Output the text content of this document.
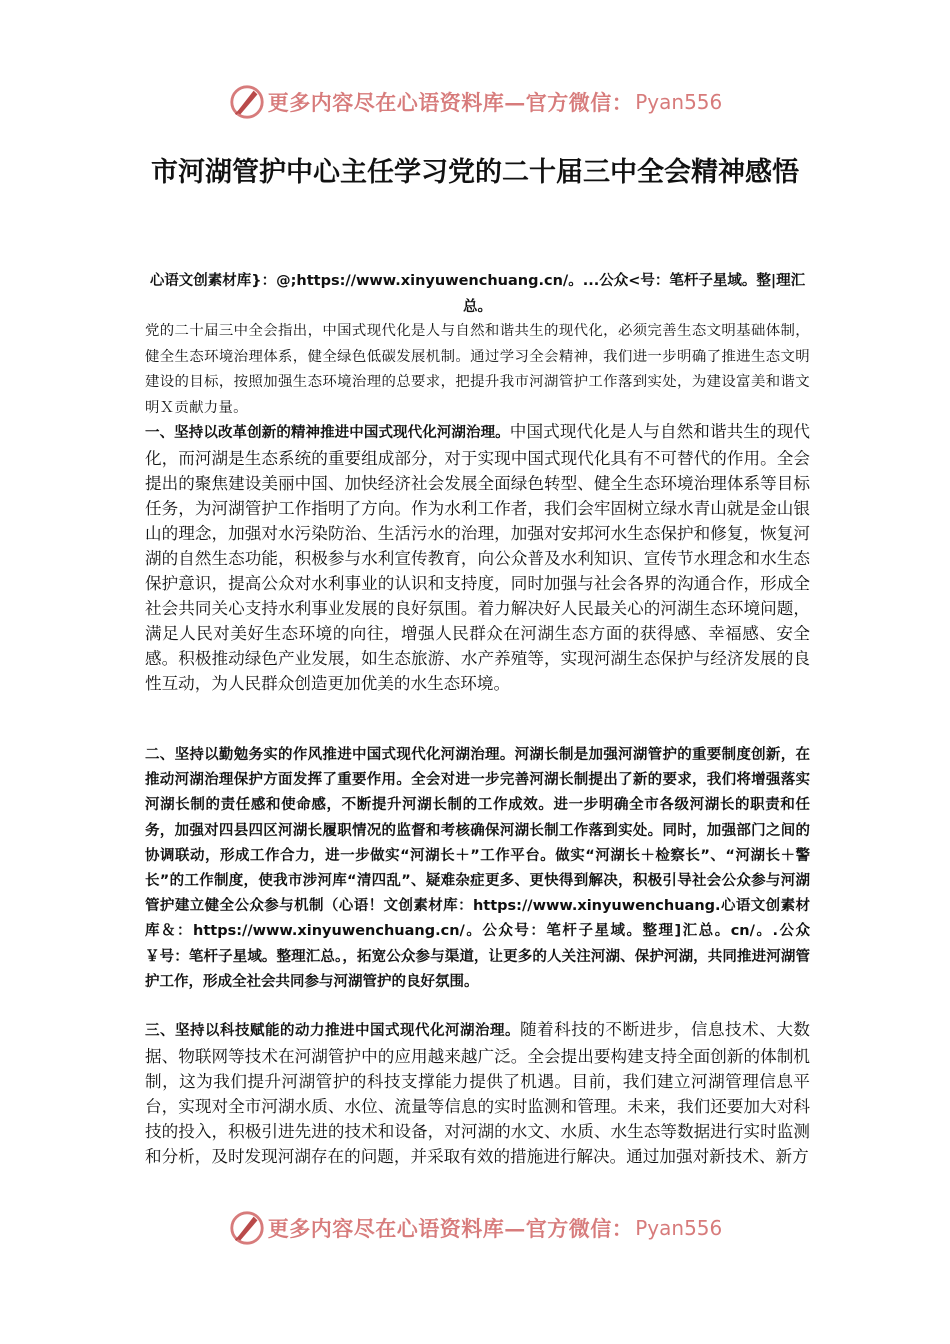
更多内容尽在心语资料库—官方微信： Pyan556
市河湖管护中心主任学习党的二十届三中全会精神感悟

心语文创素材库}：@;https://www.xinyuwenchuang.cn/。...公众<号：笔杆子星域。整|理汇总。

党的二十届三中全会指出，中国式现代化是人与自然和谐共生的现代化，必须完善生态文明基础体制，健全生态环境治理体系，健全绿色低碳发展机制。通过学习全会精神，我们进一步明确了推进生态文明建设的目标，按照加强生态环境治理的总要求，把提升我市河湖管护工作落到实处，为建设富美和谐文明Ｘ贡献力量。

一、坚持以改革创新的精神推进中国式现代化河湖治理。中国式现代化是人与自然和谐共生的现代化，而河湖是生态系统的重要组成部分，对于实现中国式现代化具有不可替代的作用。全会提出的聚焦建设美丽中国、加快经济社会发展全面绿色转型、健全生态环境治理体系等目标任务，为河湖管护工作指明了方向。作为水利工作者，我们会牢固树立绿水青山就是金山银山的理念，加强对水污染防治、生活污水的治理，加强对安邦河水生态保护和修复，恢复河湖的自然生态功能，积极参与水利宣传教育，向公众普及水利知识、宣传节水理念和水生态保护意识，提高公众对水利事业的认识和支持度，同时加强与社会各界的沟通合作，形成全社会共同关心支持水利事业发展的良好氛围。着力解决好人民最关心的河湖生态环境问题，满足人民对美好生态环境的向往，增强人民群众在河湖生态方面的获得感、幸福感、安全感。积极推动绿色产业发展，如生态旅游、水产养殖等，实现河湖生态保护与经济发展的良性互动，为人民群众创造更加优美的水生态环境。

二、坚持以勤勉务实的作风推进中国式现代化河湖治理。河湖长制是加强河湖管护的重要制度创新，在推动河湖治理保护方面发挥了重要作用。全会对进一步完善河湖长制提出了新的要求，我们将增强落实河湖长制的责任感和使命感，不断提升河湖长制的工作成效。进一步明确全市各级河湖长的职责和任务，加强对四县四区河湖长履职情况的监督和考核确保河湖长制工作落到实处。同时，加强部门之间的协调联动，形成工作合力，进一步做实“河湖长＋”工作平台。做实“河湖长＋检察长”、“河湖长＋警长”的工作制度，使我市涉河库“清四乱”、疑难杂症更多、更快得到解决，积极引导社会公众参与河湖管护建立健全公众参与机制（心语！文创素材库：https://www.xinyuwenchuang.心语文创素材库＆：https://www.xinyuwenchuang.cn/。公众号：笔杆子星域。整理]汇总。cn/。.公众￥号：笔杆子星域。整理汇总。，拓宽公众参与渠道，让更多的人关注河湖、保护河湖，共同推进河湖管护工作，形成全社会共同参与河湖管护的良好氛围。

三、坚持以科技赋能的动力推进中国式现代化河湖治理。随着科技的不断进步，信息技术、大数据、物联网等技术在河湖管护中的应用越来越广泛。全会提出要构建支持全面创新的体制机制，这为我们提升河湖管护的科技支撑能力提供了机遇。目前，我们建立河湖管理信息平台，实现对全市河湖水质、水位、流量等信息的实时监测和管理。未来，我们还要加大对科技的投入，积极引进先进的技术和设备，对河湖的水文、水质、水生态等数据进行实时监测和分析，及时发现河湖存在的问题，并采取有效的措施进行解决。通过加强对新技术、新方

更多内容尽在心语资料库—官方微信： Pyan556
